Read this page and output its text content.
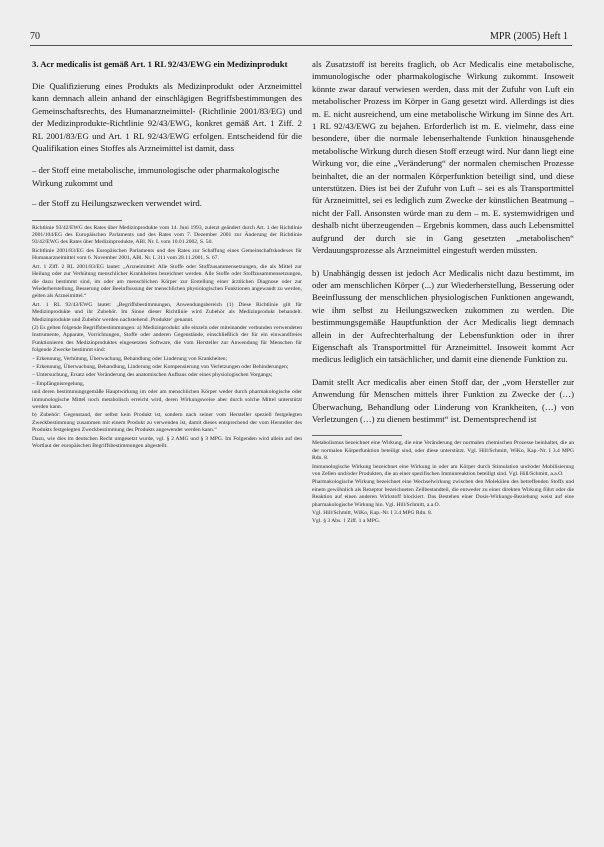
70	MPR (2005) Heft 1

3. Acr medicalis ist gemäß Art. 1 RL 92/43/EWG ein Medizinprodukt

Die Qualifizierung eines Produkts als Medizinprodukt oder Arzneimittel kann demnach allein anhand der einschlägigen Begriffsbestimmungen des Gemeinschaftsrechts, des Humanarzneimittel- (Richtlinie 2001/83/EG) und der Medizinprodukte-Richtlinie 92/43/EWG, konkret gemäß Art. 1 Ziff. 2 RL 2001/83/EG und Art. 1 RL 92/43/EWG erfolgen. Entscheidend für die Qualifikation eines Stoffes als Arzneimittel ist damit, dass

– der Stoff eine metabolische, immunologische oder pharmakologische Wirkung zukommt und

– der Stoff zu Heilungszwecken verwendet wird.

Richtlinie 93/42/EWG des Rates über Medizinprodukte vom 14. Juni 1993, zuletzt geändert durch Art. 1 der Richtlinie 2001/104/EG des Europäischen Parlaments und des Rates vom 7. Dezember 2001 zur Änderung der Richtlinie 93/42/EWG des Rates über Medizinprodukte, ABl. Nr. L vom 10.01.2002, S. 50.

Richtlinie 2001/83/EG des Europäischen Parlaments und des Rates zur Schaffung eines Gemeinschaftskodexes für Humanarzneimittel vom 6. November 2001, ABl. Nr. L 311 vom 28.11.2001, S. 67.

Art. 1 Ziff. 2 RL 2001/83/EG lautet: „Arzneimittel: Alle Stoffe oder Stoffzusammensetzungen, die als Mittel zur Heilung oder zur Verhütung menschlicher Krankheiten bezeichnet werden. Alle Stoffe oder Stoffzusammensetzungen, die dazu bestimmt sind, im oder am menschlichen Körper zur Erstellung einer ärztlichen Diagnose oder zur Wiederherstellung, Besserung oder Beeinflussung der menschlichen physiologischen Funktionen angewandt zu werden, gelten als Arzneimittel.“

Art. 1 RL 92/43/EWG lautet: „Begriffsbestimmungen, Anwendungsbereich (1) Diese Richtlinie gilt für Medizinprodukte und ihr Zubehör. Im Sinne dieser Richtlinie wird Zubehör als Medizinprodukt behandelt. Medizinprodukte und Zubehör werden nachstehend ‚Produkte‘ genannt.

(2) Es gelten folgende Begriffsbestimmungen: a) Medizinprodukt: alle einzeln oder miteinander verbunden verwendeten Instrumente, Apparate, Vorrichtungen, Stoffe oder anderen Gegenstände, einschließlich der für ein einwandfreies Funktionieren des Medizinproduktes eingesetzten Software, die vom Hersteller zur Anwendung für Menschen für folgende Zwecke bestimmt sind:

– Erkennung, Verhütung, Überwachung, Behandlung oder Linderung von Krankheiten;

– Erkennung, Überwachung, Behandlung, Linderung oder Kompensierung von Verletzungen oder Behinderungen;

– Untersuchung, Ersatz oder Veränderung des anatomischen Aufbaus oder eines physiologischen Vorgangs;

– Empfängnisregelung,

und deren bestimmungsgemäße Hauptwirkung im oder am menschlichen Körper weder durch pharmakologische oder immunologische Mittel noch metabolisch erreicht wird, deren Wirkungsweise aber durch solche Mittel unterstützt werden kann.

b) Zubehör: Gegenstand, der selbst kein Produkt ist, sondern nach seiner vom Hersteller speziell festgelegten Zweckbestimmung zusammen mit einem Produkt zu verwenden ist, damit dieses entsprechend der vom Hersteller des Produkts festgelegten Zweckbestimmung des Produkts angewendet werden kann.“

Dazu, wie dies im deutschen Recht umgesetzt wurde, vgl. § 2 AMG und § 3 MPG. Im Folgenden wird allein auf den Wortlaut der europäischen Begriffsbestimmungen abgestellt.

als Zusatzstoff ist bereits fraglich, ob Acr Medicalis eine metabolische, immunologische oder pharmakologische Wirkung zukommt. Insoweit könnte zwar darauf verwiesen werden, dass mit der Zufuhr von Luft ein metabolischer Prozess im Körper in Gang gesetzt wird. Allerdings ist dies m. E. nicht ausreichend, um eine metabolische Wirkung im Sinne des Art. 1 RL 92/43/EWG zu bejahen. Erforderlich ist m. E. vielmehr, dass eine besondere, über die normale lebenserhaltende Funktion hinausgehende metabolische Wirkung durch diesen Stoff erzeugt wird. Nur dann liegt eine Wirkung vor, die eine „Veränderung“ der normalen chemischen Prozesse beinhaltet, die an der normalen Körperfunktion beteiligt sind, und diese unterstützen. Dies ist bei der Zufuhr von Luft – sei es als Transportmittel für Arzneimittel, sei es lediglich zum Zwecke der künstlichen Beatmung – nicht der Fall. Ansonsten würde man zu dem – m. E. systemwidrigen und deshalb nicht überzeugenden – Ergebnis kommen, dass auch Lebensmittel aufgrund der durch sie in Gang gesetzten „metabolischen“ Verdauungsprozesse als Arzneimittel eingestuft werden müssten.

b) Unabhängig dessen ist jedoch Acr Medicalis nicht dazu bestimmt, im oder am menschlichen Körper (...) zur Wiederherstellung, Besserung oder Beeinflussung der menschlichen physiologischen Funktionen angewandt, wie ihm selbst zu Heilungszwecken zukommen zu werden. Die bestimmungsgemäße Hauptfunktion der Acr Medicalis liegt demnach allein in der Aufrechterhaltung der Lebensfunktion oder in ihrer Eigenschaft als Transportmittel für Arzneimittel. Insoweit kommt Acr medicus lediglich ein tatsächlicher, und damit eine dienende Funktion zu.

Damit stellt Acr medicalis aber einen Stoff dar, der „vom Hersteller zur Anwendung für Menschen mittels ihrer Funktion zu Zwecke der (…) Überwachung, Behandlung oder Linderung von Krankheiten, (…) von Verletzungen (…) zu dienen bestimmt“ ist. Dementsprechend ist

Metabolismus bezeichnet eine Wirkung, die eine Veränderung der normalen chemischen Prozesse beinhaltet, die an der normalen Körperfunktion beteiligt sind, oder diese unterstützt. Vgl. Hill/Schmitt, WiKo, Kap.-Nr. I 3.4 MPG Rdn. 8.

Immunologische Wirkung bezeichnet eine Wirkung in oder am Körper durch Stimulation und/oder Mobilisierung von Zellen und/oder Produkten, die an einer spezifischen Immunreaktion beteiligt sind. Vgl. Hill/Schmitt, a.a.O.

Pharmakologische Wirkung bezeichnet eine Wechselwirkung zwischen den Molekülen des betreffenden Stoffs und einem gewöhnlich als Rezeptor bezeichneten Zellbestandteil, die entweder zu einer direkten Wirkung führt oder die Reaktion auf einen anderen Wirkstoff blockiert. Das Bestehen einer Dosis-Wirkungs-Beziehung weist auf eine pharmakologische Wirkung hin. Vgl. Hill/Schmitt, a.a.O.

Vgl. Hill/Schmitt, WiKo, Kap.-Nr. I 3.4 MPG Rdn. 8.

Vgl. § 3 Abs. 1 Ziff. 1 a MPG.
